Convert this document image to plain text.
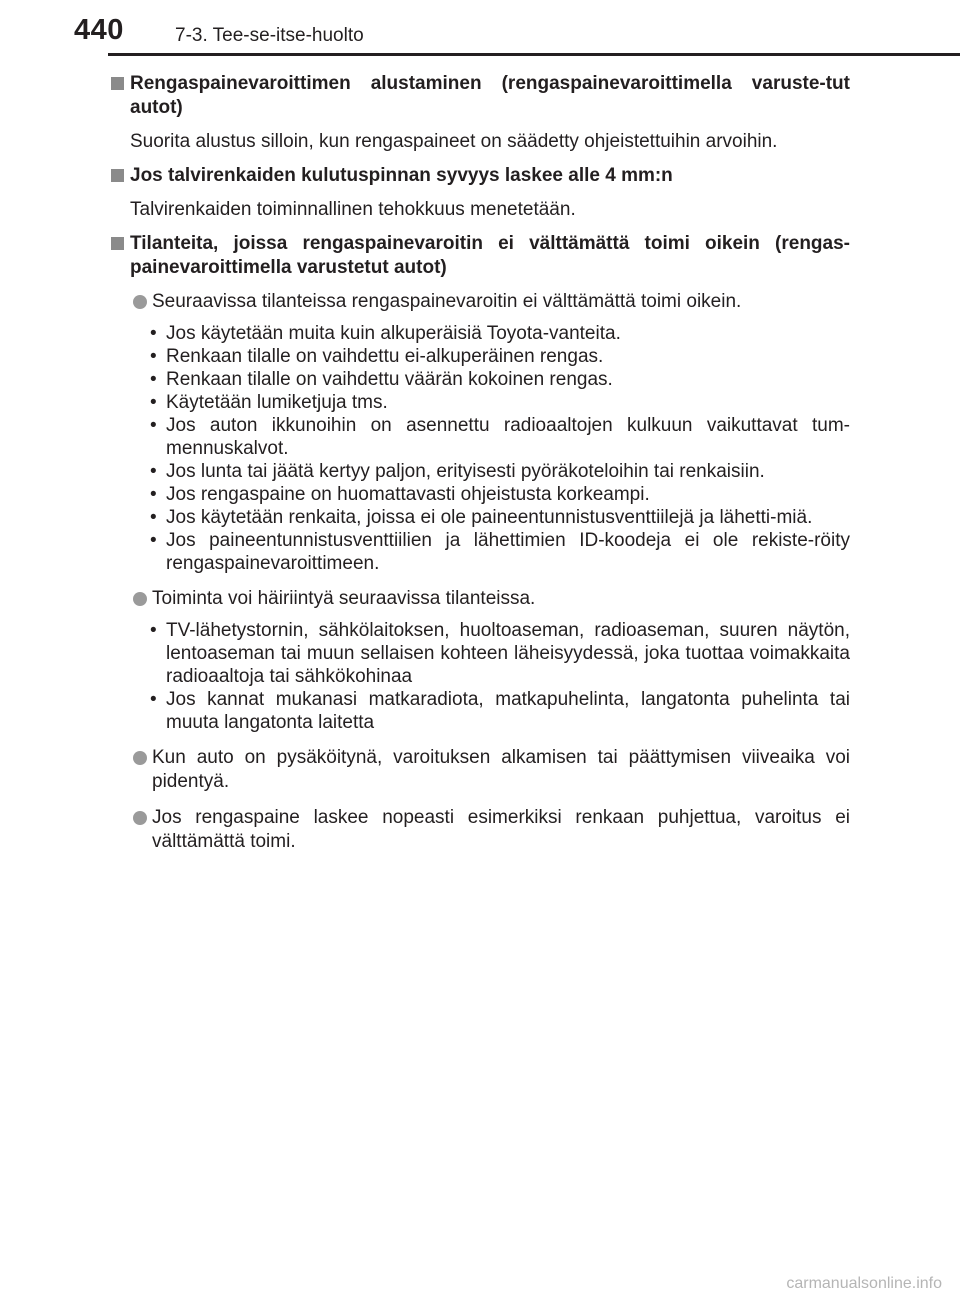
440	7-3. Tee-se-itse-huolto
Rengaspainevaroittimen alustaminen (rengaspainevaroittimella varuste-tut autot)

Suorita alustus silloin, kun rengaspaineet on säädetty ohjeistettuihin arvoihin.

Jos talvirenkaiden kulutuspinnan syvyys laskee alle 4 mm:n

Talvirenkaiden toiminnallinen tehokkuus menetetään.

Tilanteita, joissa rengaspainevaroitin ei välttämättä toimi oikein (rengas-painevaroittimella varustetut autot)
Seuraavissa tilanteissa rengaspainevaroitin ei välttämättä toimi oikein.
• Jos käytetään muita kuin alkuperäisiä Toyota-vanteita.
• Renkaan tilalle on vaihdettu ei-alkuperäinen rengas.
• Renkaan tilalle on vaihdettu väärän kokoinen rengas.
• Käytetään lumiketjuja tms.
• Jos auton ikkunoihin on asennettu radioaaltojen kulkuun vaikuttavat tum-mennuskalvot.
• Jos lunta tai jäätä kertyy paljon, erityisesti pyöräkoteloihin tai renkaisiin.
• Jos rengaspaine on huomattavasti ohjeistusta korkeampi.
• Jos käytetään renkaita, joissa ei ole paineentunnistusventtiilejä ja lähetti-miä.
• Jos paineentunnistusventtiilien ja lähettimien ID-koodeja ei ole rekiste-röity rengaspainevaroittimeen.
Toiminta voi häiriintyä seuraavissa tilanteissa.
• TV-lähetystornin, sähkölaitoksen, huoltoaseman, radioaseman, suuren näytön, lentoaseman tai muun sellaisen kohteen läheisyydessä, joka tuottaa voimakkaita radioaaltoja tai sähkökohinaa
• Jos kannat mukanasi matkaradiota, matkapuhelinta, langatonta puhelinta tai muuta langatonta laitetta
Kun auto on pysäköitynä, varoituksen alkamisen tai päättymisen viiveaika voi pidentyä.
Jos rengaspaine laskee nopeasti esimerkiksi renkaan puhjettua, varoitus ei välttämättä toimi.
carmanualsonline.info
